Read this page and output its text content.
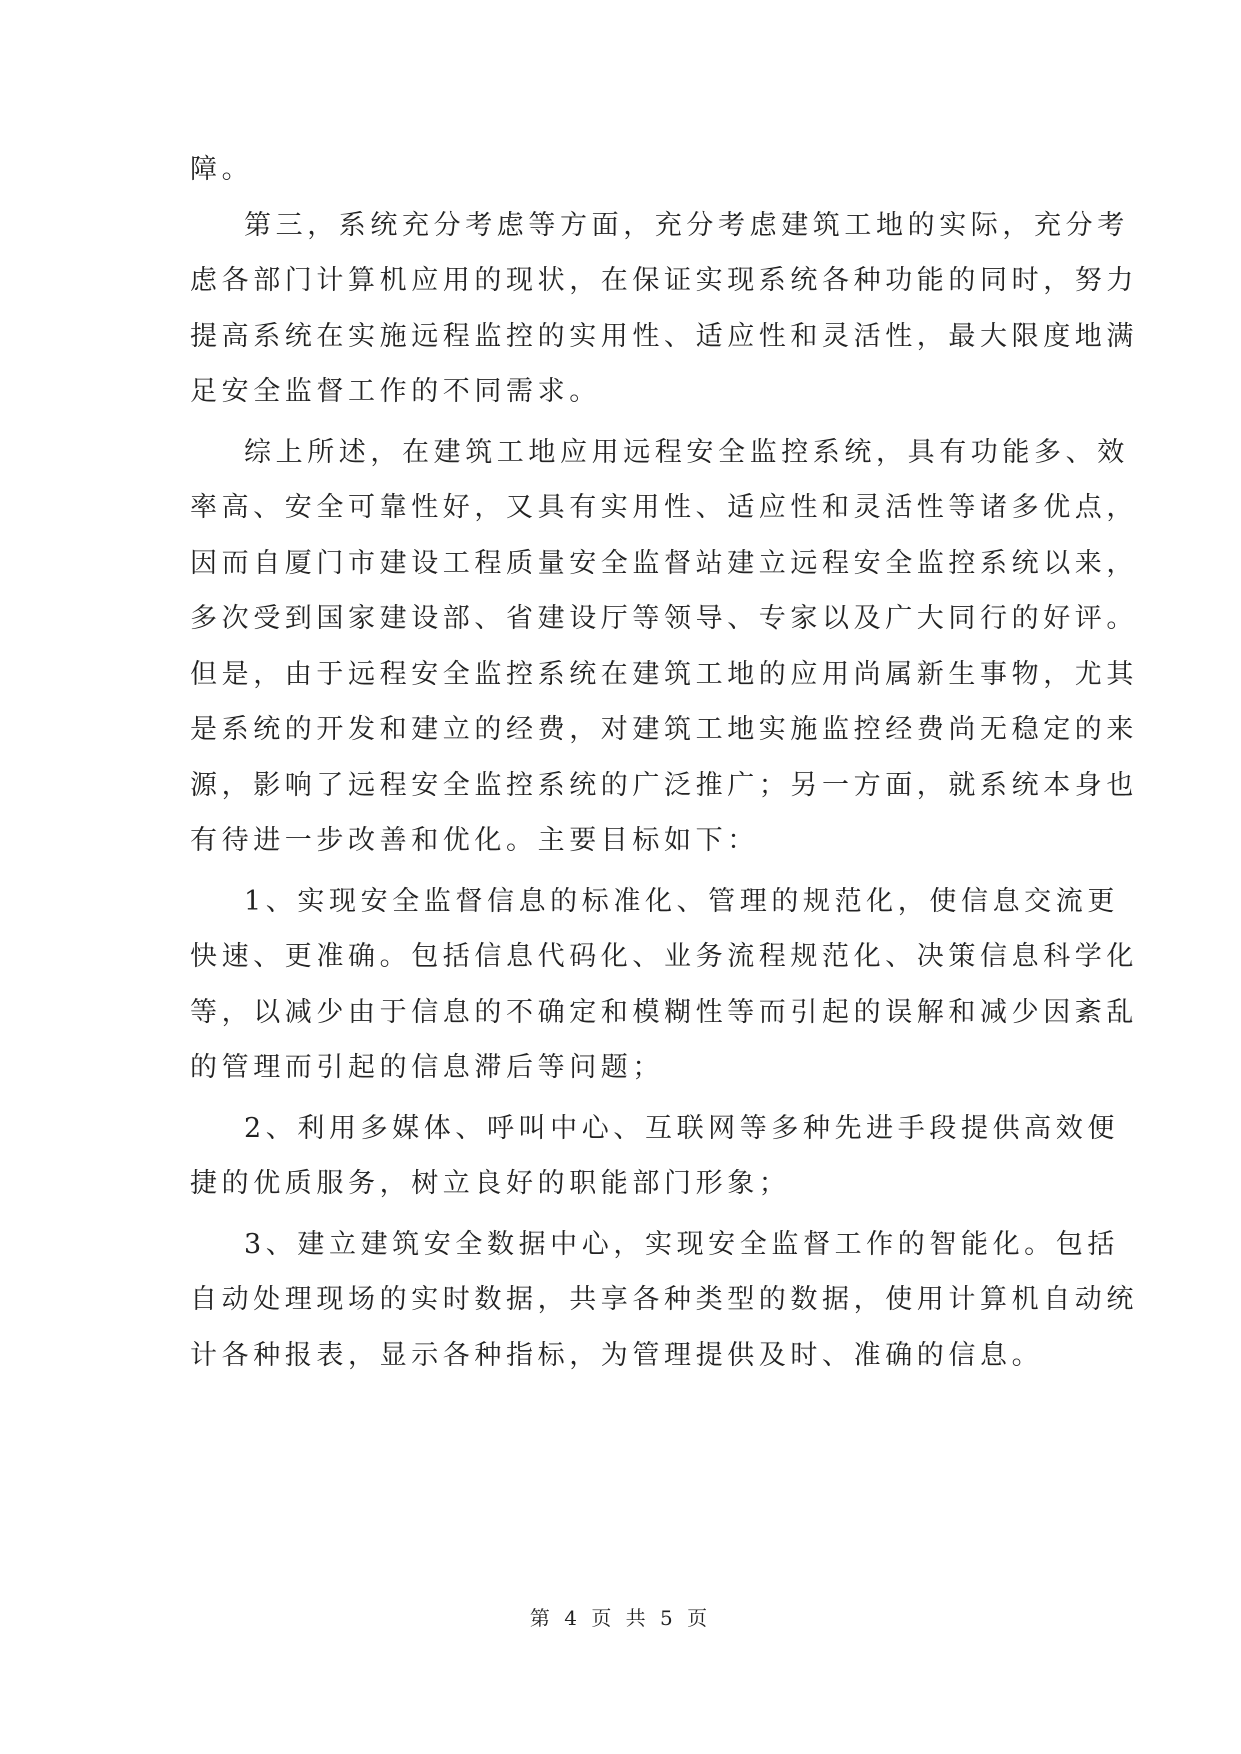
障。
第三，系统充分考虑等方面，充分考虑建筑工地的实际，充分考
虑各部门计算机应用的现状，在保证实现系统各种功能的同时，努力
提高系统在实施远程监控的实用性、适应性和灵活性，最大限度地满
足安全监督工作的不同需求。
综上所述，在建筑工地应用远程安全监控系统，具有功能多、效
率高、安全可靠性好，又具有实用性、适应性和灵活性等诸多优点，
因而自厦门市建设工程质量安全监督站建立远程安全监控系统以来，
多次受到国家建设部、省建设厅等领导、专家以及广大同行的好评。
但是，由于远程安全监控系统在建筑工地的应用尚属新生事物，尤其
是系统的开发和建立的经费，对建筑工地实施监控经费尚无稳定的来
源，影响了远程安全监控系统的广泛推广；另一方面，就系统本身也
有待进一步改善和优化。主要目标如下：
1、实现安全监督信息的标准化、管理的规范化，使信息交流更
快速、更准确。包括信息代码化、业务流程规范化、决策信息科学化
等，以减少由于信息的不确定和模糊性等而引起的误解和减少因紊乱
的管理而引起的信息滞后等问题；
2、利用多媒体、呼叫中心、互联网等多种先进手段提供高效便
捷的优质服务，树立良好的职能部门形象；
3、建立建筑安全数据中心，实现安全监督工作的智能化。包括
自动处理现场的实时数据，共享各种类型的数据，使用计算机自动统
计各种报表，显示各种指标，为管理提供及时、准确的信息。
第 4 页 共 5 页
